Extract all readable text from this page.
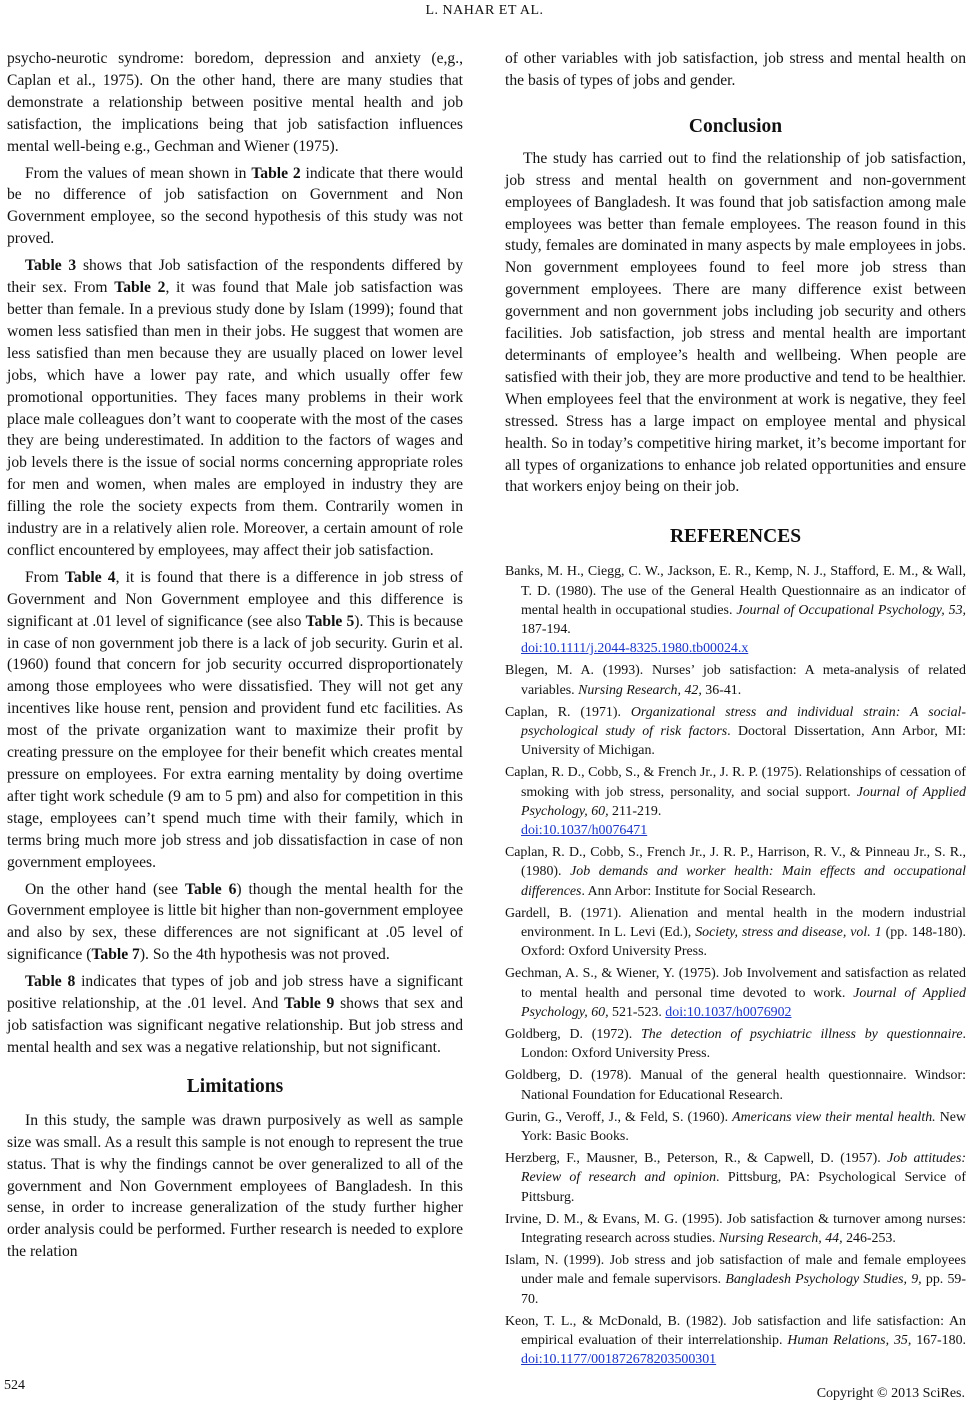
L. NAHAR ET AL.

psycho-neurotic syndrome: boredom, depression and anxiety (e,g., Caplan et al., 1975). On the other hand, there are many studies that demonstrate a relationship between positive mental health and job satisfaction, the implications being that job satisfaction influences mental well-being e.g., Gechman and Wiener (1975).

From the values of mean shown in Table 2 indicate that there would be no difference of job satisfaction on Government and Non Government employee, so the second hypothesis of this study was not proved.

Table 3 shows that Job satisfaction of the respondents differed by their sex. From Table 2, it was found that Male job satisfaction was better than female. In a previous study done by Islam (1999); found that women less satisfied than men in their jobs. He suggest that women are less satisfied than men because they are usually placed on lower level jobs, which have a lower pay rate, and which usually offer few promotional opportunities. They faces many problems in their work place male colleagues don’t want to cooperate with the most of the cases they are being underestimated. In addition to the factors of wages and job levels there is the issue of social norms concerning appropriate roles for men and women, when males are employed in industry they are filling the role the society expects from them. Contrarily women in industry are in a relatively alien role. Moreover, a certain amount of role conflict encountered by employees, may affect their job satisfaction.

From Table 4, it is found that there is a difference in job stress of Government and Non Government employee and this difference is significant at .01 level of significance (see also Table 5). This is because in case of non government job there is a lack of job security. Gurin et al. (1960) found that concern for job security occurred disproportionately among those employees who were dissatisfied. They will not get any incentives like house rent, pension and provident fund etc facilities. As most of the private organization want to maximize their profit by creating pressure on the employee for their benefit which creates mental pressure on employees. For extra earning mentality by doing overtime after tight work schedule (9 am to 5 pm) and also for competition in this stage, employees can’t spend much time with their family, which in terms bring much more job stress and job dissatisfaction in case of non government employees.

On the other hand (see Table 6) though the mental health for the Government employee is little bit higher than non-government employee and also by sex, these differences are not significant at .05 level of significance (Table 7). So the 4th hypothesis was not proved.

Table 8 indicates that types of job and job stress have a significant positive relationship, at the .01 level. And Table 9 shows that sex and job satisfaction was significant negative relationship. But job stress and mental health and sex was a negative relationship, but not significant.

Limitations

In this study, the sample was drawn purposively as well as sample size was small. As a result this sample is not enough to represent the true status. That is why the findings cannot be over generalized to all of the government and Non Government employees of Bangladesh. In this sense, in order to increase generalization of the study further higher order analysis could be performed. Further research is needed to explore the relation

of other variables with job satisfaction, job stress and mental health on the basis of types of jobs and gender.

Conclusion

The study has carried out to find the relationship of job satisfaction, job stress and mental health on government and non-government employees of Bangladesh. It was found that job satisfaction among male employees was better than female employees. The reason found in this study, females are dominated in many aspects by male employees in jobs. Non government employees found to feel more job stress than government employees. There are many difference exist between government and non government jobs including job security and others facilities. Job satisfaction, job stress and mental health are important determinants of employee’s health and wellbeing. When people are satisfied with their job, they are more productive and tend to be healthier. When employees feel that the environment at work is negative, they feel stressed. Stress has a large impact on employee mental and physical health. So in today’s competitive hiring market, it’s become important for all types of organizations to enhance job related opportunities and ensure that workers enjoy being on their job.

REFERENCES
Banks, M. H., Ciegg, C. W., Jackson, E. R., Kemp, N. J., Stafford, E. M., & Wall, T. D. (1980). The use of the General Health Questionnaire as an indicator of mental health in occupational studies. Journal of Occupational Psychology, 53, 187-194.
doi:10.1111/j.2044-8325.1980.tb00024.x
Blegen, M. A. (1993). Nurses’ job satisfaction: A meta-analysis of related variables. Nursing Research, 42, 36-41.
Caplan, R. (1971). Organizational stress and individual strain: A social-psychological study of risk factors. Doctoral Dissertation, Ann Arbor, MI: University of Michigan.
Caplan, R. D., Cobb, S., & French Jr., J. R. P. (1975). Relationships of cessation of smoking with job stress, personality, and social support. Journal of Applied Psychology, 60, 211-219.
doi:10.1037/h0076471
Caplan, R. D., Cobb, S., French Jr., J. R. P., Harrison, R. V., & Pinneau Jr., S. R., (1980). Job demands and worker health: Main effects and occupational differences. Ann Arbor: Institute for Social Research.
Gardell, B. (1971). Alienation and mental health in the modern industrial environment. In L. Levi (Ed.), Society, stress and disease, vol. 1 (pp. 148-180). Oxford: Oxford University Press.
Gechman, A. S., & Wiener, Y. (1975). Job Involvement and satisfaction as related to mental health and personal time devoted to work. Journal of Applied Psychology, 60, 521-523. doi:10.1037/h0076902
Goldberg, D. (1972). The detection of psychiatric illness by questionnaire. London: Oxford University Press.
Goldberg, D. (1978). Manual of the general health questionnaire. Windsor: National Foundation for Educational Research.
Gurin, G., Veroff, J., & Feld, S. (1960). Americans view their mental health. New York: Basic Books.
Herzberg, F., Mausner, B., Peterson, R., & Capwell, D. (1957). Job attitudes: Review of research and opinion. Pittsburg, PA: Psychological Service of Pittsburg.
Irvine, D. M., & Evans, M. G. (1995). Job satisfaction & turnover among nurses: Integrating research across studies. Nursing Research, 44, 246-253.
Islam, N. (1999). Job stress and job satisfaction of male and female employees under male and female supervisors. Bangladesh Psychology Studies, 9, pp. 59-70.
Keon, T. L., & McDonald, B. (1982). Job satisfaction and life satisfaction: An empirical evaluation of their interrelationship. Human Relations, 35, 167-180. doi:10.1177/001872678203500301
524
Copyright © 2013 SciRes.
